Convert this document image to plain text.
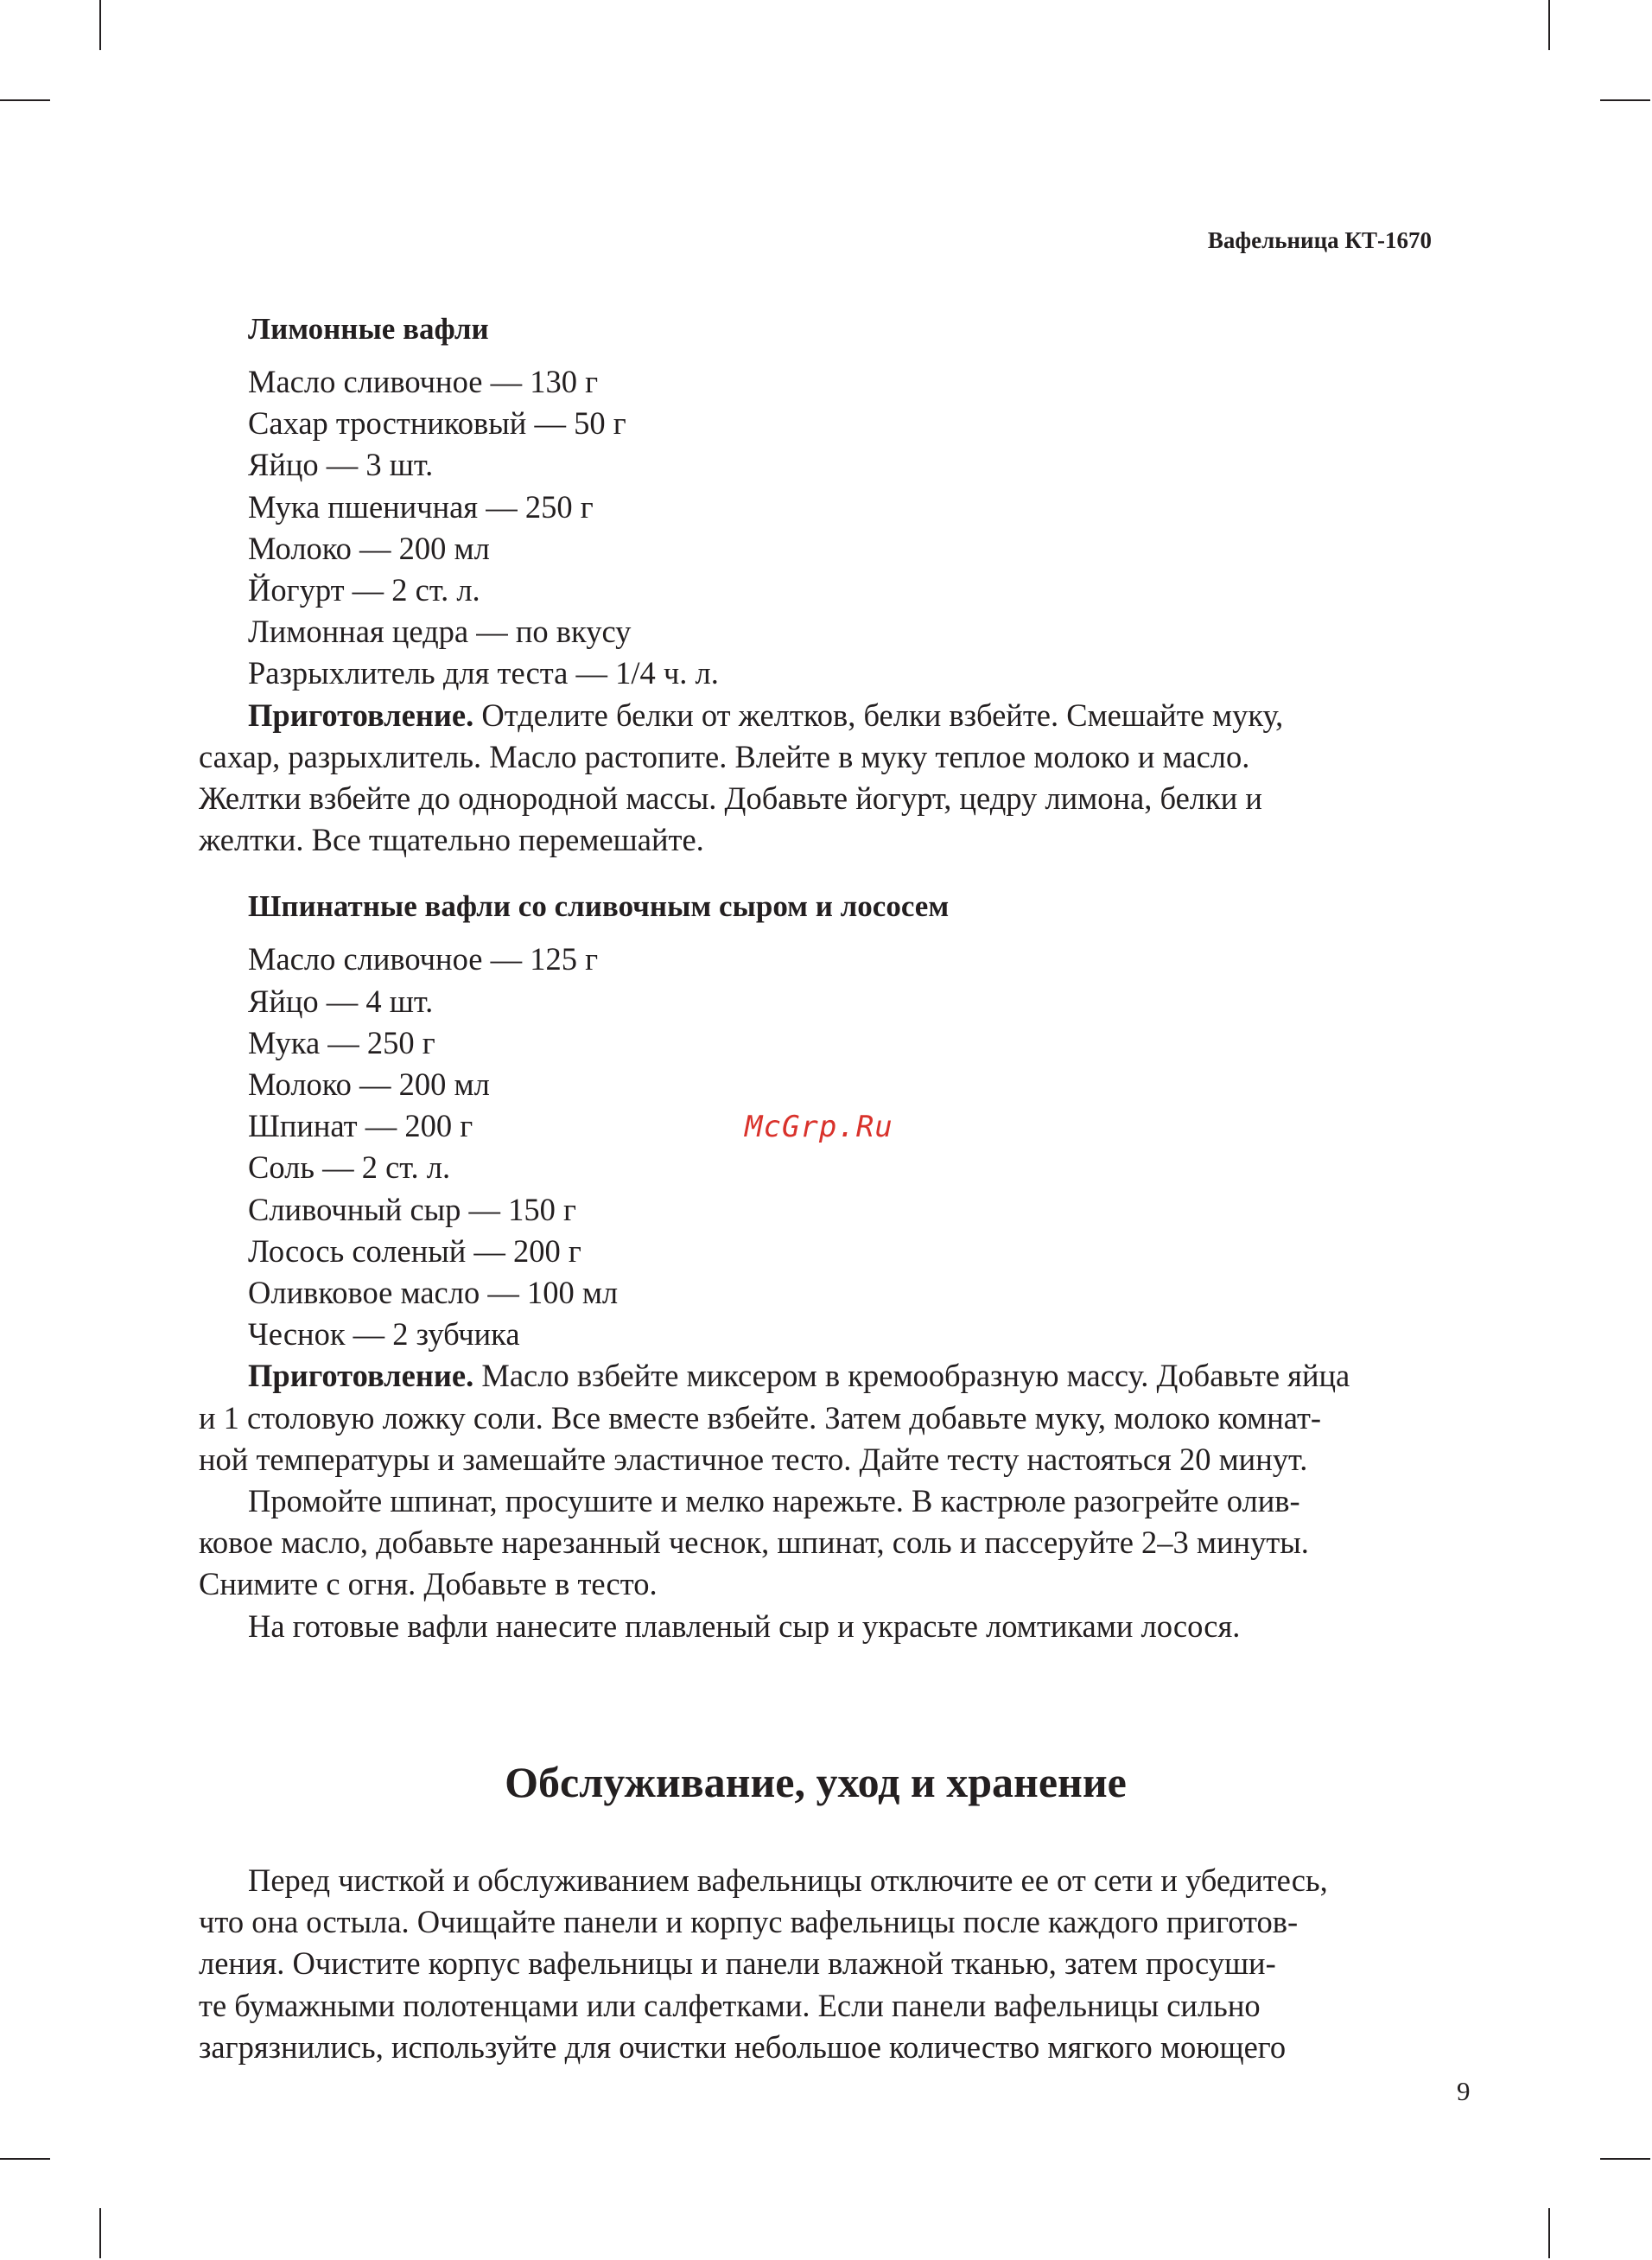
Вафельница КТ-1670
McGrp.Ru
Лимонные вафли
Масло сливочное — 130 г
Сахар тростниковый — 50 г
Яйцо — 3 шт.
Мука пшеничная — 250 г
Молоко — 200 мл
Йогурт — 2 ст. л.
Лимонная цедра — по вкусу
Разрыхлитель для теста — 1/4 ч. л.
Приготовление. Отделите белки от желтков, белки взбейте. Смешайте муку,
сахар, разрыхлитель. Масло растопите. Влейте в муку теплое молоко и масло.
Желтки взбейте до однородной массы. Добавьте йогурт, цедру лимона, белки и
желтки. Все тщательно перемешайте.
Шпинатные вафли со сливочным сыром и лососем
Масло сливочное — 125 г
Яйцо — 4 шт.
Мука — 250 г
Молоко — 200 мл
Шпинат — 200 г
Соль — 2 ст. л.
Сливочный сыр — 150 г
Лосось соленый — 200 г
Оливковое масло — 100 мл
Чеснок — 2 зубчика
Приготовление. Масло взбейте миксером в кремообразную массу. Добавьте яйца
и 1 столовую ложку соли. Все вместе взбейте. Затем добавьте муку, молоко комнат-
ной температуры и замешайте эластичное тесто. Дайте тесту настояться 20 минут.
Промойте шпинат, просушите и мелко нарежьте. В кастрюле разогрейте олив-
ковое масло, добавьте нарезанный чеснок, шпинат, соль и пассеруйте 2–3 минуты.
Снимите с огня. Добавьте в тесто.
На готовые вафли нанесите плавленый сыр и украсьте ломтиками лосося.
Обслуживание, уход и хранение
Перед чисткой и обслуживанием вафельницы отключите ее от сети и убедитесь,
что она остыла. Очищайте панели и корпус вафельницы после каждого приготов-
ления. Очистите корпус вафельницы и панели влажной тканью, затем просуши-
те бумажными полотенцами или салфетками. Если панели вафельницы сильно
загрязнились, используйте для очистки небольшое количество мягкого моющего
9
